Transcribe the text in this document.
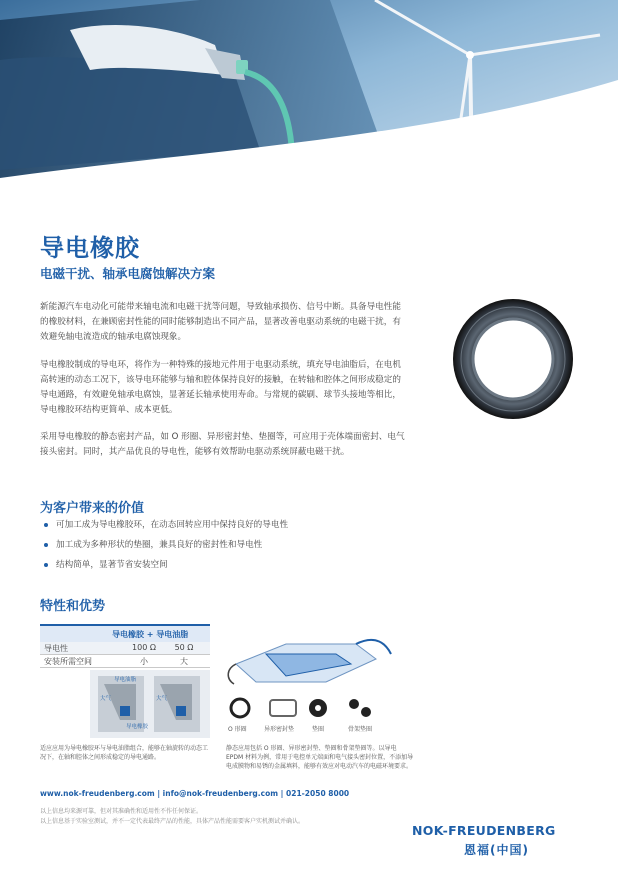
导电橡胶
电磁干扰、轴承电腐蚀解决方案
新能源汽车电动化可能带来轴电流和电磁干扰等问题，导致轴承损伤、信号中断。具备导电性能的橡胶材料，在兼顾密封性能的同时能够制造出不同产品，显著改善电驱动系统的电磁干扰，有效避免轴电流造成的轴承电腐蚀现象。
导电橡胶制成的导电环，将作为一种特殊的接地元件用于电驱动系统，填充导电油脂后，在电机高转速的动态工况下，该导电环能够与轴和腔体保持良好的接触，在转轴和腔体之间形成稳定的导电通路，有效避免轴承电腐蚀，显著延长轴承使用寿命。与常规的碳刷、球节头接地等相比，导电橡胶环结构更简单、成本更低。
采用导电橡胶的静态密封产品，如 O 形圈、异形密封垫、垫圈等，可应用于壳体端面密封、电气接头密封。同时，其产品优良的导电性，能够有效帮助电驱动系统屏蔽电磁干扰。
为客户带来的价值
可加工成为导电橡胶环，在动态回转应用中保持良好的导电性
加工成为多种形状的垫圈，兼具良好的密封性和导电性
结构简单，显著节省安装空间
特性和优势
导电橡胶 + 导电油脂
导电性	100 Ω	50 Ω
安装所需空间	小	大
导电油脂
大气	大气
导电橡胶	O 形圈	异形密封垫	垫圈	骨架垫圈
适应应用为导电橡胶环与导电油脂组合，能够在轴旋转的动态工况下，在轴和腔体之间形成稳定的导电通路。
静态应用包括 O 形圈、异形密封垫、垫圈和骨架垫圈等。以导电 EPDM 材料为例，常用于电控单元端面和电气接头密封位置，不添加导电成膜物和易锈的金属填料，能够有效应对电动汽车的电磁环境要求。
www.nok-freudenberg.com | info@nok-freudenberg.com | 021-2050 8000
以上信息均来源可靠，但对其准确性和适用性不作任何保证。
以上信息基于实验室测试，并不一定代表最终产品的性能，具体产品性能需要客户实机测试并确认。
NOK-FREUDENBERG
恩福(中国)
